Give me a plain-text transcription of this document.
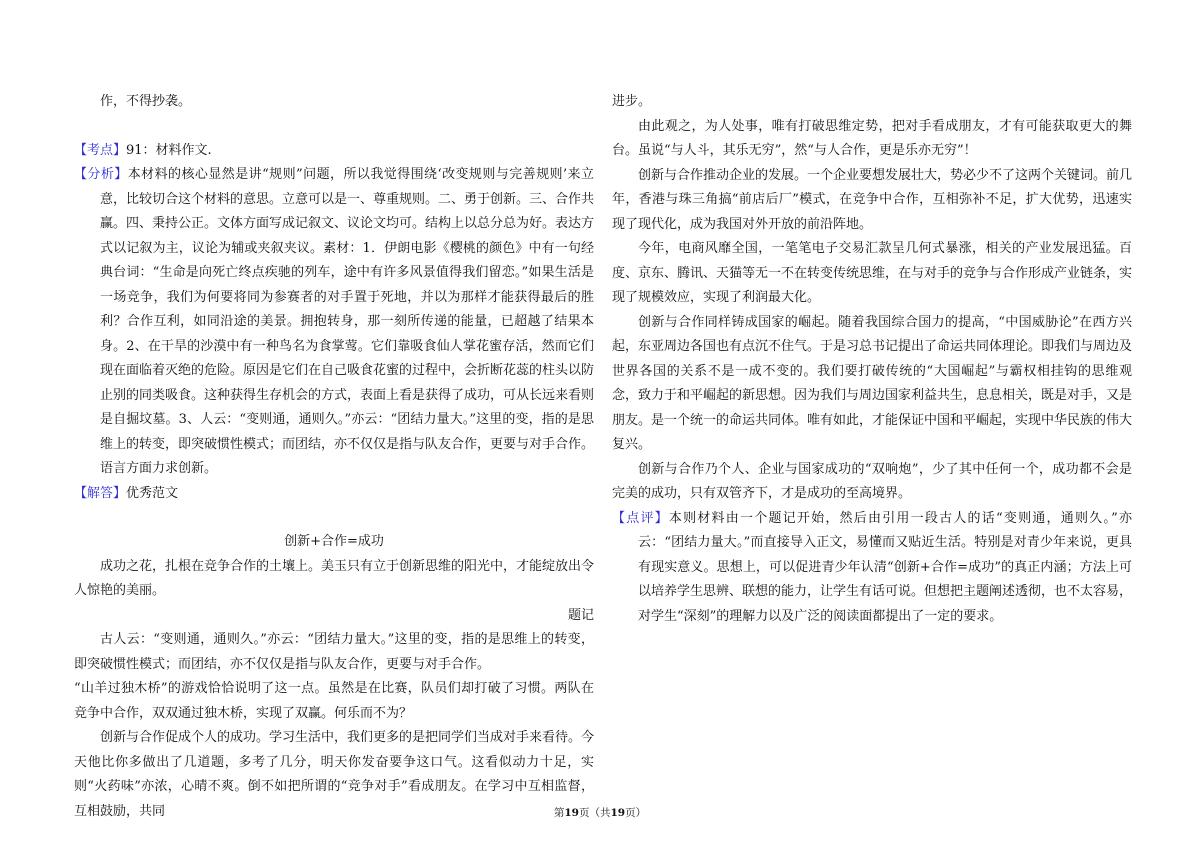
作，不得抄袭。

【考点】91：材料作文.

【分析】本材料的核心显然是讲“规则”问题，所以我觉得围绕‘改变规则与完善规则’来立意，比较切合这个材料的意思。立意可以是一、尊重规则。二、勇于创新。三、合作共赢。四、秉持公正。文体方面写成记叙文、议论文均可。结构上以总分总为好。表达方式以记叙为主，议论为辅或夹叙夹议。素材：1．伊朗电影《樱桃的颜色》中有一句经典台词：“生命是向死亡终点疾驰的列车，途中有许多风景值得我们留恋。”如果生活是一场竞争，我们为何要将同为参赛者的对手置于死地，并以为那样才能获得最后的胜利？合作互利，如同沿途的美景。拥抱转身，那一刻所传递的能量，已超越了结果本身。2、在干旱的沙漠中有一种鸟名为食掌莺。它们靠吸食仙人掌花蜜存活，然而它们现在面临着灭绝的危险。原因是它们在自己吸食花蜜的过程中，会折断花蕊的柱头以防止别的同类吸食。这种获得生存机会的方式，表面上看是获得了成功，可从长远来看则是自掘坟墓。3、人云：“变则通，通则久。”亦云：“团结力量大。”这里的变，指的是思维上的转变，即突破惯性模式；而团结，亦不仅仅是指与队友合作，更要与对手合作。语言方面力求创新。

【解答】优秀范文

创新+合作=成功

成功之花，扎根在竞争合作的土壤上。美玉只有立于创新思维的阳光中，才能绽放出令人惊艳的美丽。

题记

古人云：“变则通，通则久。”亦云：“团结力量大。”这里的变，指的是思维上的转变，即突破惯性模式；而团结，亦不仅仅是指与队友合作，更要与对手合作。

“山羊过独木桥”的游戏恰恰说明了这一点。虽然是在比赛，队员们却打破了习惯。两队在竞争中合作，双双通过独木桥，实现了双赢。何乐而不为？

创新与合作促成个人的成功。学习生活中，我们更多的是把同学们当成对手来看待。今天他比你多做出了几道题，多考了几分，明天你发奋要争这口气。这看似动力十足，实则“火药味”亦浓，心晴不爽。倒不如把所谓的“竞争对手”看成朋友。在学习中互相监督，互相鼓励，共同

进步。

由此观之，为人处事，唯有打破思维定势，把对手看成朋友，才有可能获取更大的舞台。虽说“与人斗，其乐无穷”，然“与人合作，更是乐亦无穷”！

创新与合作推动企业的发展。一个企业要想发展壮大，势必少不了这两个关键词。前几年，香港与珠三角搞“前店后厂”模式，在竞争中合作，互相弥补不足，扩大优势，迅速实现了现代化，成为我国对外开放的前沿阵地。

今年，电商风靡全国，一笔笔电子交易汇款呈几何式暴涨，相关的产业发展迅猛。百度、京东、腾讯、天猫等无一不在转变传统思维，在与对手的竞争与合作形成产业链条，实现了规模效应，实现了利润最大化。

创新与合作同样铸成国家的崛起。随着我国综合国力的提高，“中国威胁论”在西方兴起，东亚周边各国也有点沉不住气。于是习总书记提出了命运共同体理论。即我们与周边及世界各国的关系不是一成不变的。我们要打破传统的“大国崛起”与霸权相挂钩的思维观念，致力于和平崛起的新思想。因为我们与周边国家利益共生，息息相关，既是对手，又是朋友。是一个统一的命运共同体。唯有如此，才能保证中国和平崛起，实现中华民族的伟大复兴。

创新与合作乃个人、企业与国家成功的“双响炮”，少了其中任何一个，成功都不会是完美的成功，只有双管齐下，才是成功的至高境界。

【点评】本则材料由一个题记开始，然后由引用一段古人的话“变则通，通则久。”亦云：“团结力量大。”而直接导入正文，易懂而又贴近生活。特别是对青少年来说，更具有现实意义。思想上，可以促进青少年认清“创新+合作=成功”的真正内涵；方法上可以培养学生思辨、联想的能力，让学生有话可说。但想把主题阐述透彻，也不太容易，对学生“深刻”的理解力以及广泛的阅读面都提出了一定的要求。

第19页（共19页）
